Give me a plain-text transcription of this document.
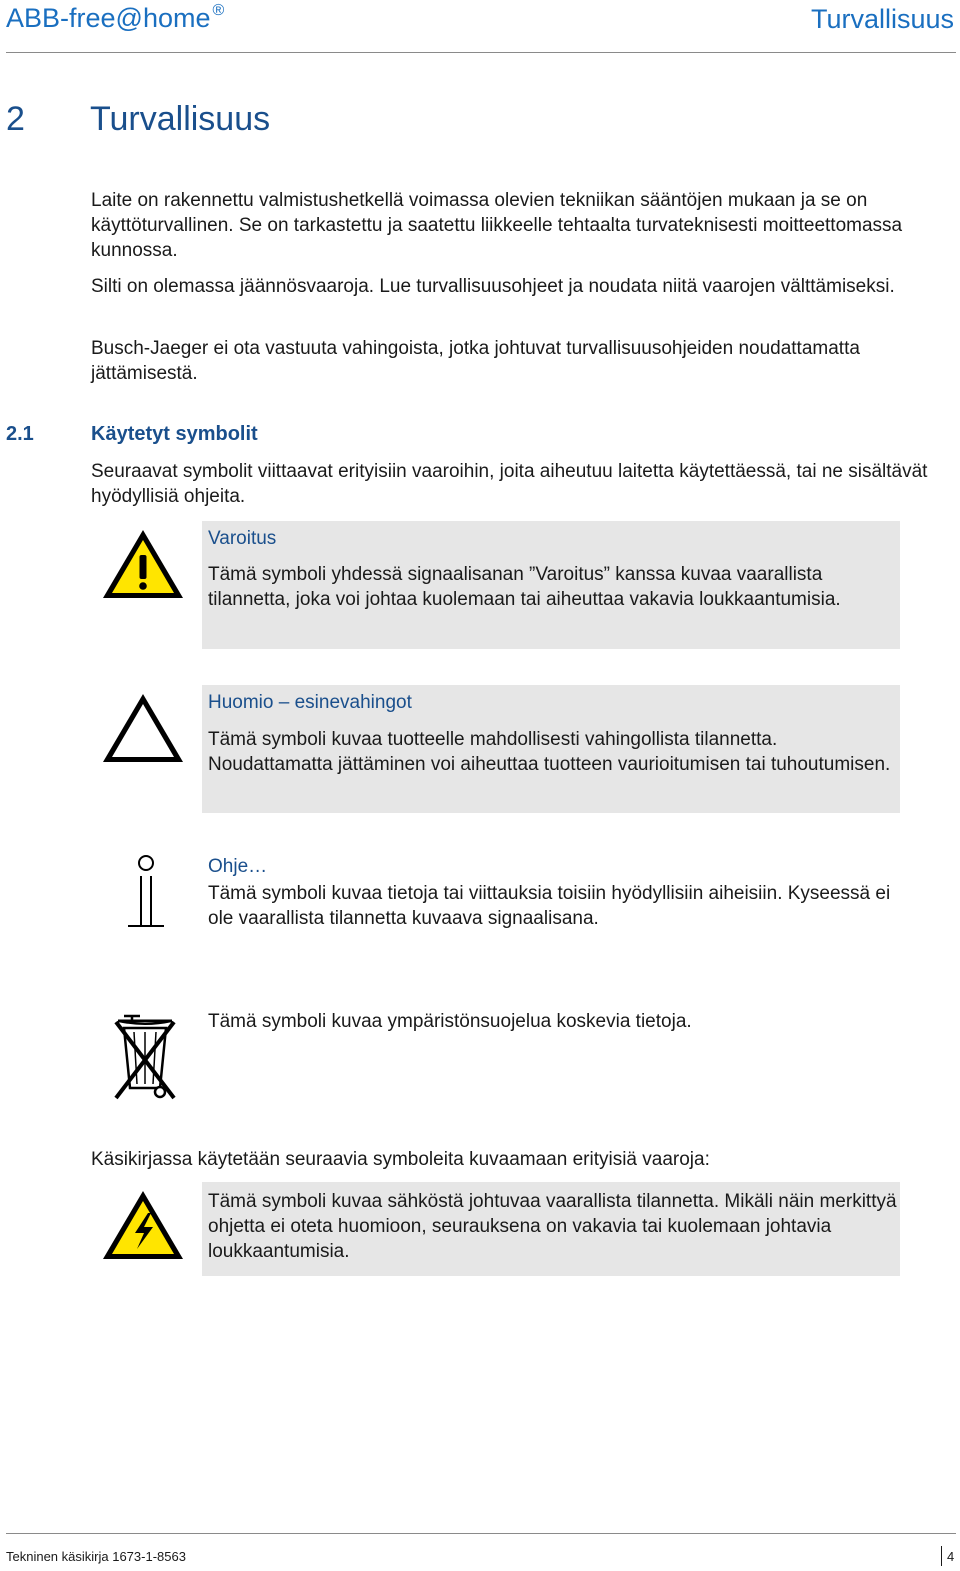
ABB-free@home ®	Turvallisuus
2 Turvallisuus

Laite on rakennettu valmistushetkellä voimassa olevien tekniikan sääntöjen mukaan ja se on käyttöturvallinen. Se on tarkastettu ja saatettu liikkeelle tehtaalta turvateknisesti moitteettomassa kunnossa.

Silti on olemassa jäännösvaaroja. Lue turvallisuusohjeet ja noudata niitä vaarojen välttämiseksi.

Busch-Jaeger ei ota vastuuta vahingoista, jotka johtuvat turvallisuusohjeiden noudattamatta jättämisestä.

2.1	Käytetyt symbolit

Seuraavat symbolit viittaavat erityisiin vaaroihin, joita aiheutuu laitetta käytettäessä, tai ne sisältävät hyödyllisiä ohjeita.

Varoitus

Tämä symboli yhdessä signaalisanan ”Varoitus” kanssa kuvaa vaarallista tilannetta, joka voi johtaa kuolemaan tai aiheuttaa vakavia loukkaantumisia.

Huomio – esinevahingot

Tämä symboli kuvaa tuotteelle mahdollisesti vahingollista tilannetta. Noudattamatta jättäminen voi aiheuttaa tuotteen vaurioitumisen tai tuhoutumisen.

Ohje…

Tämä symboli kuvaa tietoja tai viittauksia toisiin hyödyllisiin aiheisiin. Kyseessä ei ole vaarallista tilannetta kuvaava signaalisana.

Tämä symboli kuvaa ympäristönsuojelua koskevia tietoja.

Käsikirjassa käytetään seuraavia symboleita kuvaamaan erityisiä vaaroja:

Tämä symboli kuvaa sähköstä johtuvaa vaarallista tilannetta. Mikäli näin merkittyä ohjetta ei oteta huomioon, seurauksena on vakavia tai kuolemaan johtavia loukkaantumisia.

Tekninen käsikirja 1673-1-8563	4
